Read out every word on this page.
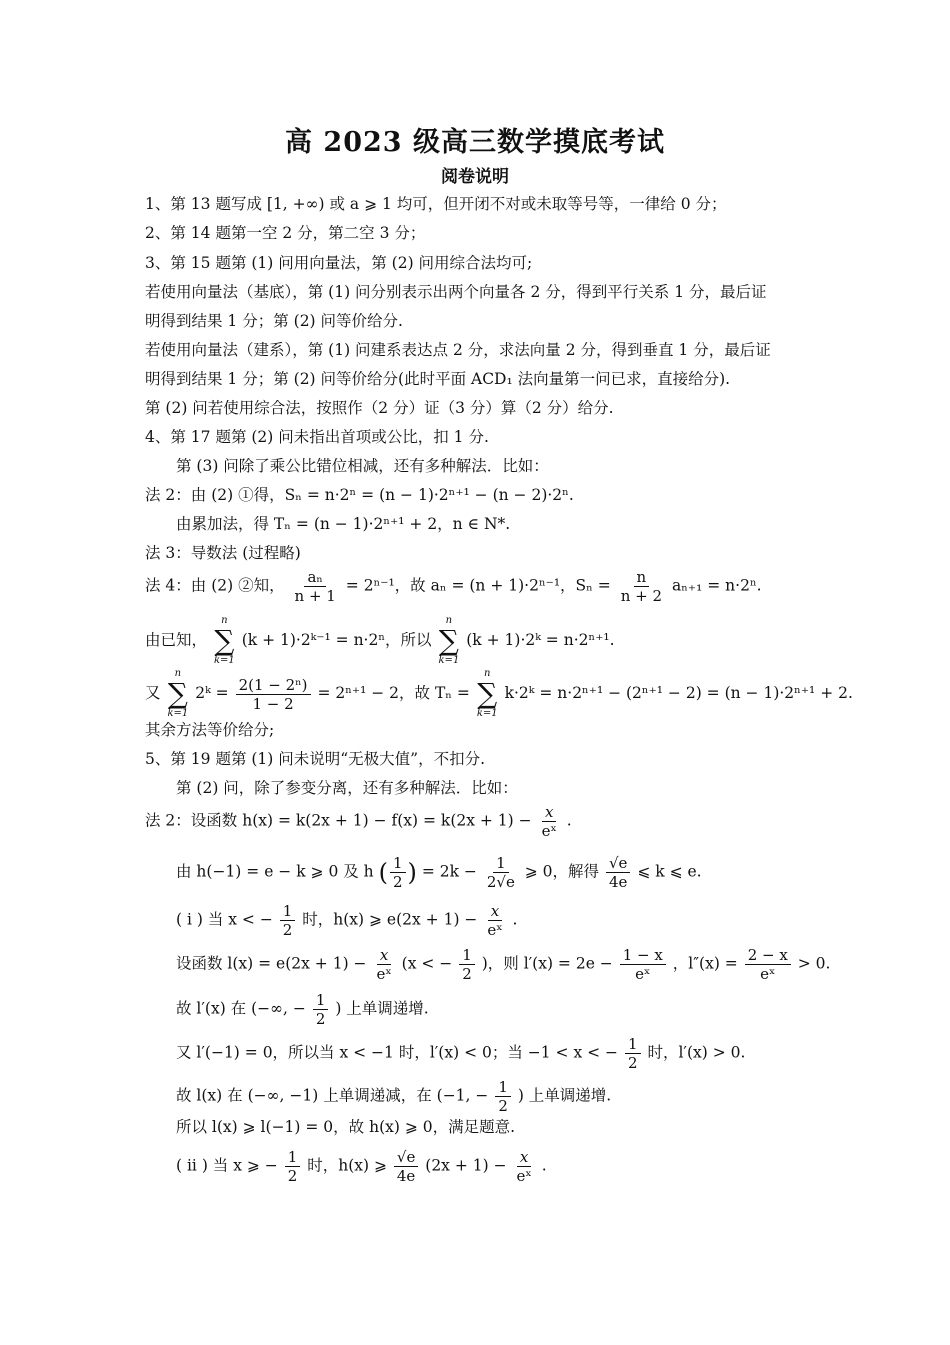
高 2023 级高三数学摸底考试
阅卷说明
1、第 13 题写成 [1, +∞) 或 a ⩾ 1 均可，但开闭不对或未取等号等，一律给 0 分；
2、第 14 题第一空 2 分，第二空 3 分；
3、第 15 题第 (1) 问用向量法，第 (2) 问用综合法均可;
若使用向量法（基底），第 (1) 问分别表示出两个向量各 2 分，得到平行关系 1 分，最后证
明得到结果 1 分；第 (2) 问等价给分.
若使用向量法（建系），第 (1) 问建系表达点 2 分，求法向量 2 分，得到垂直 1 分，最后证
明得到结果 1 分；第 (2) 问等价给分(此时平面 ACD₁ 法向量第一问已求，直接给分).
第 (2) 问若使用综合法，按照作（2 分）证（3 分）算（2 分）给分.
4、第 17 题第 (2) 问未指出首项或公比，扣 1 分.
第 (3) 问除了乘公比错位相减，还有多种解法．比如：
法 2：由 (2) ①得，Sₙ = n·2ⁿ = (n − 1)·2ⁿ⁺¹ − (n − 2)·2ⁿ.
由累加法，得 Tₙ = (n − 1)·2ⁿ⁺¹ + 2，n ∈ N*.
法 3：导数法 (过程略)
法 4：由 (2) ②知， $\frac{\text{aₙ}}{n + 1} = 2^{n-1}$，故 aₙ = (n + 1)·2ⁿ⁻¹，$S_n = \frac{n}{n + 2} a_{n+1} = n\cdot 2^n$.
由已知，
n
∑
k=1
(k + 1)·2ᵏ⁻¹ = n·2ⁿ，所以
n
∑
k=1
(k + 1)·2ᵏ = n·2ⁿ⁺¹.
又
n
∑
k=1
2ᵏ = $\frac{\text{2(1 − 2ⁿ)}}{1 - 2} = 2^{n+1} - 2$，故 Tₙ =
n
∑
k=1
k·2ᵏ = n·2ⁿ⁺¹ − (2ⁿ⁺¹ − 2) = (n − 1)·2ⁿ⁺¹ + 2.
其余方法等价给分;
5、第 19 题第 (1) 问未说明“无极大值”，不扣分.
第 (2) 问，除了参变分离，还有多种解法．比如：
法 2：设函数 $h(x) = k(2x + 1) - f(x) = k(2x + 1) - \frac{x}{\text{eˣ}}$ .
由 h(−1) = e − k ⩾ 0 及 h ( $\frac{1}{2}$ ) = $2k - \frac{1}{2√e}$ ⩾ 0，解得 $\frac{√e}{4e}$ ⩽ k ⩽ e.
( i ) 当 x < − $\frac{1}{2}$ 时，h(x) ⩾ $e(2x + 1) - \frac{x}{\text{eˣ}}$ .
设函数 $l(x) = e(2x + 1) - \frac{x}{\text{eˣ}} (x$ < − $\frac{1}{2}$ )，则 $l'(x) = 2e - \frac{1 - x}{\text{eˣ}}$ ，$l''(x) = \frac{2 - x}{\text{eˣ}} > 0$.
故 l′(x) 在 (−∞, − $\frac{1}{2}$ ) 上单调递增.
又 l′(−1) = 0，所以当 x < −1 时，l′(x) < 0；当 −1 < x < − $\frac{1}{2}$ 时，l′(x) > 0.
故 l(x) 在 (−∞, −1) 上单调递减，在 (−1, − $\frac{1}{2}$ ) 上单调递增.
所以 l(x) ⩾ l(−1) = 0，故 h(x) ⩾ 0，满足题意.
( ii ) 当 x ⩾ − $\frac{1}{2}$ 时，h(x) ⩾ $\frac{√e}{4e} (2x + 1) - \frac{x}{\text{eˣ}}$ .
